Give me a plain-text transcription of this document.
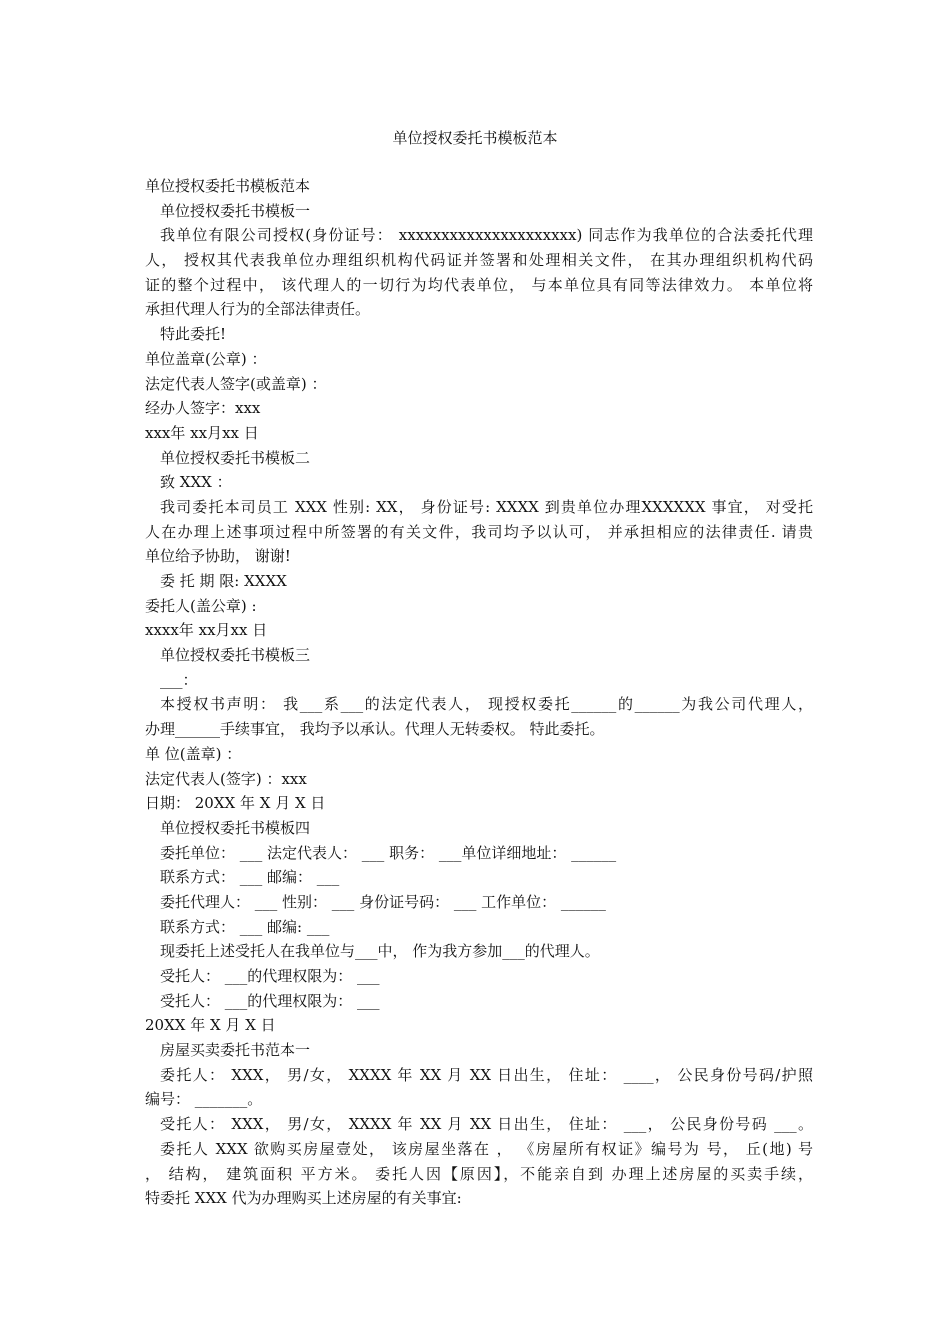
单位授权委托书模板范本
单位授权委托书模板范本
单位授权委托书模板一
我单位有限公司授权(身份证号： xxxxxxxxxxxxxxxxxxxxx) 同志作为我单位的合法委托代理
人， 授权其代表我单位办理组织机构代码证并签署和处理相关文件， 在其办理组织机构代码
证的整个过程中， 该代理人的一切行为均代表单位， 与本单位具有同等法律效力。 本单位将
承担代理人行为的全部法律责任。
特此委托!
单位盖章(公章) ：
法定代表人签字(或盖章) ：
经办人签字：xxx
xxx年 xx月xx 日
单位授权委托书模板二
致 XXX ：
我司委托本司员工 XXX 性别: XX， 身份证号: XXXX 到贵单位办理XXXXXX 事宜， 对受托
人在办理上述事项过程中所签署的有关文件，我司均予以认可， 并承担相应的法律责任. 请贵
单位给予协助， 谢谢!
委 托 期 限: XXXX
委托人(盖公章) :
xxxx年 xx月xx 日
单位授权委托书模板三
___：
本授权书声明： 我___系___的法定代表人， 现授权委托______的______为我公司代理人，
办理______手续事宜， 我均予以承认。代理人无转委权。 特此委托。
单 位(盖章) ：
法定代表人(签字) ：xxx
日期： 20XX 年 X 月 X 日
单位授权委托书模板四
委托单位： ___ 法定代表人： ___ 职务： ___单位详细地址： ______
联系方式： ___ 邮编： ___
委托代理人： ___ 性别： ___ 身份证号码： ___ 工作单位： ______
联系方式： ___ 邮编: ___
现委托上述受托人在我单位与___中， 作为我方参加___的代理人。
受托人： ___的代理权限为： ___
受托人： ___的代理权限为： ___
20XX 年 X 月 X 日
房屋买卖委托书范本一
委托人： XXX， 男/女， XXXX 年 XX 月 XX 日出生， 住址： ____， 公民身份号码/护照
编号： _______。
受托人： XXX， 男/女， XXXX 年 XX 月 XX 日出生， 住址： ___， 公民身份号码 ___。
委托人 XXX 欲购买房屋壹处， 该房屋坐落在 ， 《房屋所有权证》编号为 号， 丘(地) 号
， 结构， 建筑面积 平方米。 委托人因【原因】，不能亲自到 办理上述房屋的买卖手续，
特委托 XXX 代为办理购买上述房屋的有关事宜:
